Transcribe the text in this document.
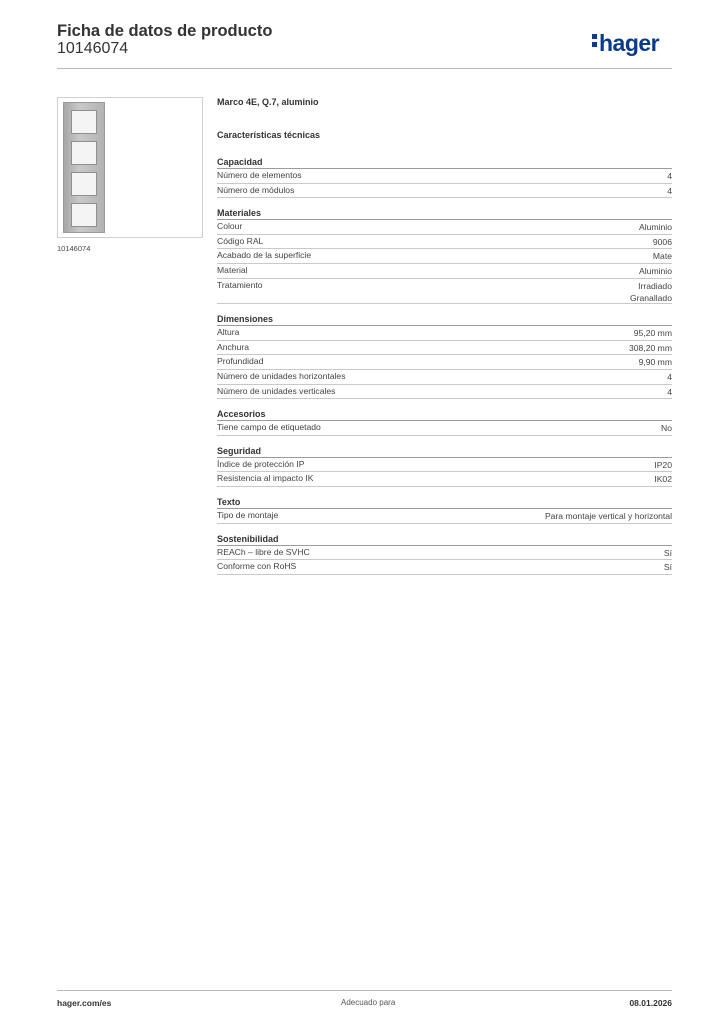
Ficha de datos de producto
10146074	hager
10146074
Marco 4E, Q.7, aluminio
Características técnicas
Capacidad
Número de elementos	4
Número de módulos	4
Materiales
Colour	Aluminio
Código RAL	9006
Acabado de la superficie	Mate
Material	Aluminio
Tratamiento	Irradiado
Granallado
Dimensiones
Altura	95,20 mm
Anchura	308,20 mm
Profundidad	9,90 mm
Número de unidades horizontales	4
Número de unidades verticales	4
Accesorios
Tiene campo de etiquetado	No
Seguridad
Índice de protección IP	IP20
Resistencia al impacto IK	IK02
Texto
Tipo de montaje	Para montaje vertical y horizontal
Sostenibilidad
REACh – libre de SVHC	Sí
Conforme con RoHS	Sí
hager.com/es	Adecuado para	08.01.2026
